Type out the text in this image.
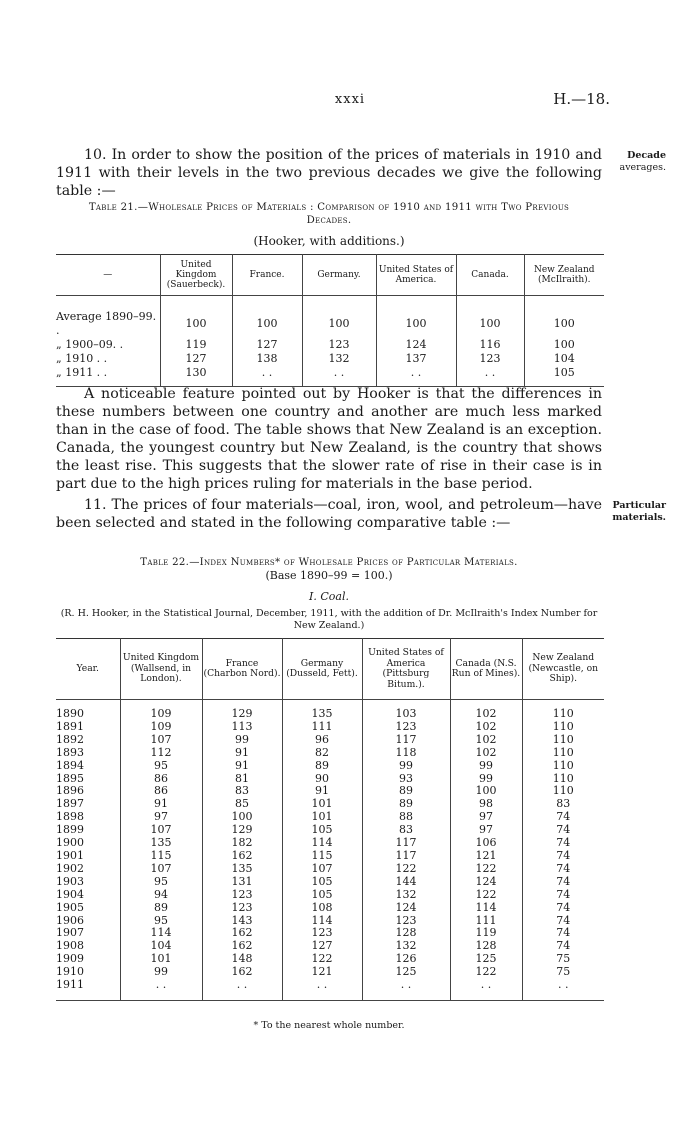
xxxi	H.—18.
10. In order to show the position of the prices of materials in 1910 and 1911 with their levels in the two previous decades we give the following table :—
Decade
averages.
Table 21.—Wholesale Prices of Materials : Comparison of 1910 and 1911 with Two Previous
Decades.
(Hooker, with additions.)
—	United Kingdom (Sauerbeck).	France.	Germany.	United States of America.	Canada.	New Zealand (McIlraith).
Average 1890–99. .	100	100	100	100	100	100
„ 1900–09. .	119	127	123	124	116	100
„ 1910 . .	127	138	132	137	123	104
„ 1911 . .	130	. .	. .	. .	. .	105

A noticeable feature pointed out by Hooker is that the differences in these numbers between one country and another are much less marked than in the case of food. The table shows that New Zealand is an exception. Canada, the youngest country but New Zealand, is the country that shows the least rise. This suggests that the slower rate of rise in their case is in part due to the high prices ruling for materials in the base period.
11. The prices of four materials—coal, iron, wool, and petroleum—have been selected and stated in the following comparative table :—
Particular
materials.
Table 22.—Index Numbers* of Wholesale Prices of Particular Materials.
(Base 1890–99 = 100.)
I. Coal.
(R. H. Hooker, in the Statistical Journal, December, 1911, with the addition of Dr. McIlraith's Index Number for
New Zealand.)
Year.	United Kingdom (Wallsend, in London).	France (Charbon Nord).	Germany (Dusseld, Fett).	United States of America (Pittsburg Bitum.).	Canada (N.S. Run of Mines).	New Zealand (Newcastle, on Ship).
1890	109	129	135	103	102	110
1891	109	113	111	123	102	110
1892	107	99	96	117	102	110
1893	112	91	82	118	102	110
1894	95	91	89	99	99	110
1895	86	81	90	93	99	110
1896	86	83	91	89	100	110
1897	91	85	101	89	98	83
1898	97	100	101	88	97	74
1899	107	129	105	83	97	74
1900	135	182	114	117	106	74
1901	115	162	115	117	121	74
1902	107	135	107	122	122	74
1903	95	131	105	144	124	74
1904	94	123	105	132	122	74
1905	89	123	108	124	114	74
1906	95	143	114	123	111	74
1907	114	162	123	128	119	74
1908	104	162	127	132	128	74
1909	101	148	122	126	125	75
1910	99	162	121	125	122	75
1911	. .	. .	. .	. .	. .	. .

* To the nearest whole number.
